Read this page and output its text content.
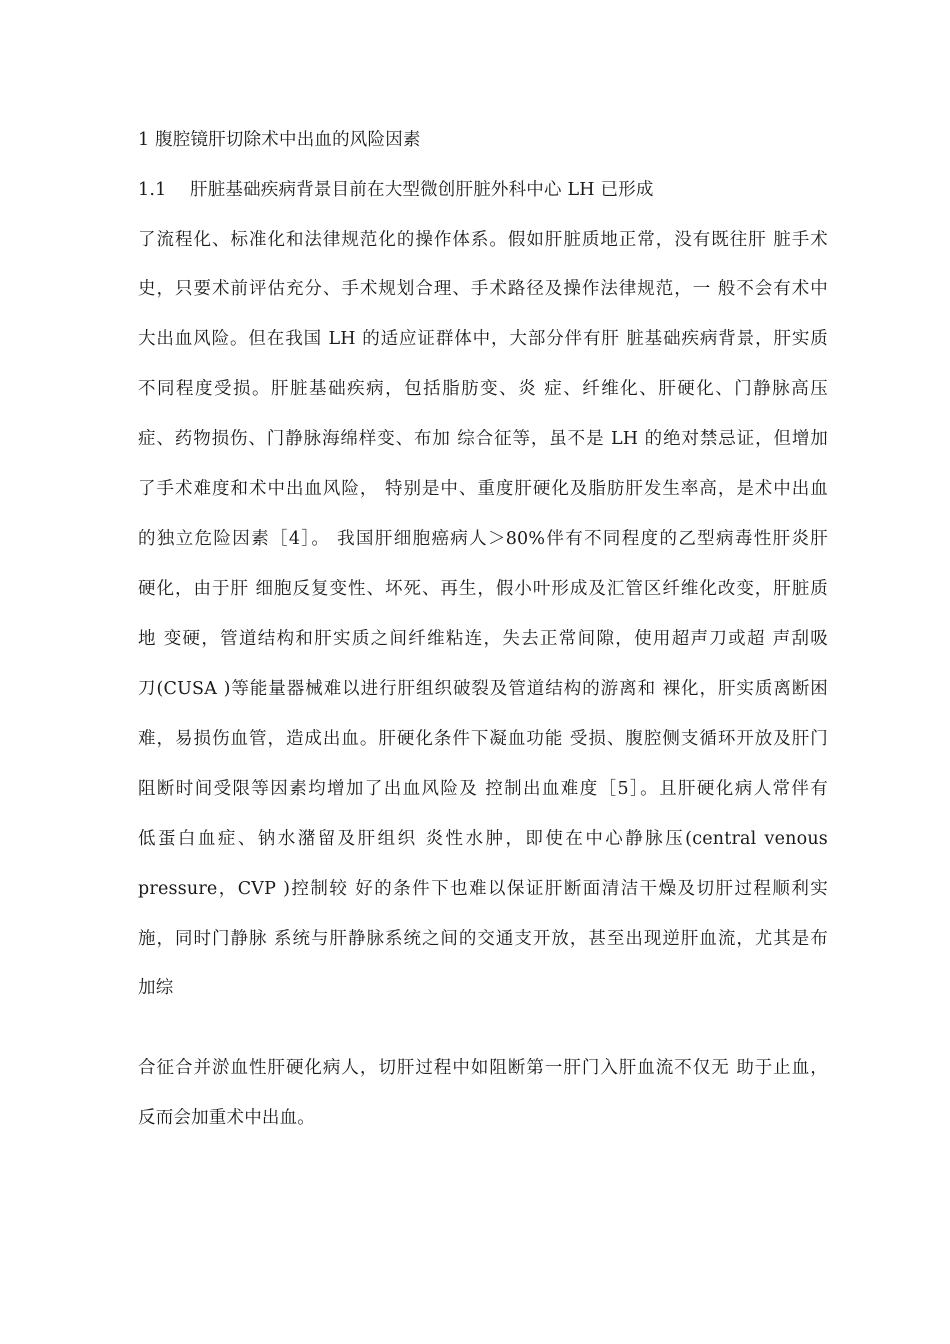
1 腹腔镜肝切除术中出血的风险因素
1.1	肝脏基础疾病背景目前在大型微创肝脏外科中心 LH 已形成
了流程化、标准化和法律规范化的操作体系。假如肝脏质地正常，没有既往肝 脏手术
史，只要术前评估充分、手术规划合理、手术路径及操作法律规范，一 般不会有术中
大出血风险。但在我国 LH 的适应证群体中，大部分伴有肝 脏基础疾病背景，肝实质
不同程度受损。肝脏基础疾病，包括脂肪变、炎 症、纤维化、肝硬化、门静脉高压
症、药物损伤、门静脉海绵样变、布加 综合征等，虽不是 LH 的绝对禁忌证，但增加
了手术难度和术中出血风险， 特别是中、重度肝硬化及脂肪肝发生率高，是术中出血
的独立危险因素［4］。 我国肝细胞癌病人＞80%伴有不同程度的乙型病毒性肝炎肝
硬化，由于肝 细胞反复变性、坏死、再生，假小叶形成及汇管区纤维化改变，肝脏质
地 变硬，管道结构和肝实质之间纤维粘连，失去正常间隙，使用超声刀或超 声刮吸
刀(CUSA )等能量器械难以进行肝组织破裂及管道结构的游离和 裸化，肝实质离断困
难，易损伤血管，造成出血。肝硬化条件下凝血功能 受损、腹腔侧支循环开放及肝门
阻断时间受限等因素均增加了出血风险及 控制出血难度［5］。且肝硬化病人常伴有
低蛋白血症、钠水潴留及肝组织 炎性水肿，即使在中心静脉压(central venous
pressure，CVP )控制较 好的条件下也难以保证肝断面清洁干燥及切肝过程顺利实
施，同时门静脉 系统与肝静脉系统之间的交通支开放，甚至出现逆肝血流，尤其是布
加综
合征合并淤血性肝硬化病人，切肝过程中如阻断第一肝门入肝血流不仅无 助于止血，
反而会加重术中出血。
